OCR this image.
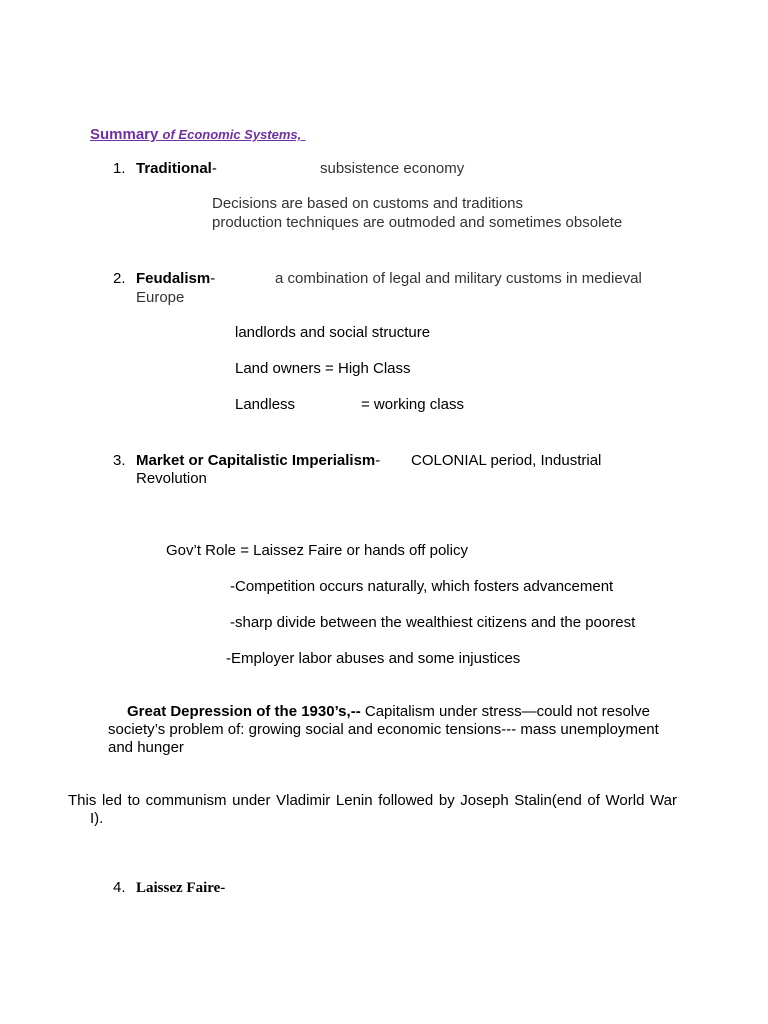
Summary of Economic Systems,
1. Traditional-	subsistence economy
Decisions are based on customs and traditions
production techniques are outmoded and sometimes obsolete
2. Feudalism-	a combination of legal and military customs in medieval
Europe
landlords and social structure
Land owners = High Class
Landless	= working class
3. Market or Capitalistic Imperialism- COLONIAL period, Industrial
Revolution
Gov’t Role = Laissez Faire or hands off policy
-Competition occurs naturally, which fosters advancement
-sharp divide between the wealthiest citizens and the poorest
-Employer labor abuses and some injustices
Great Depression of the 1930’s,-- Capitalism under stress—could not resolve
society’s problem of: growing social and economic tensions--- mass unemployment
and hunger
This led to communism under Vladimir Lenin followed by Joseph Stalin(end of World War
I).
4. Laissez Faire-
